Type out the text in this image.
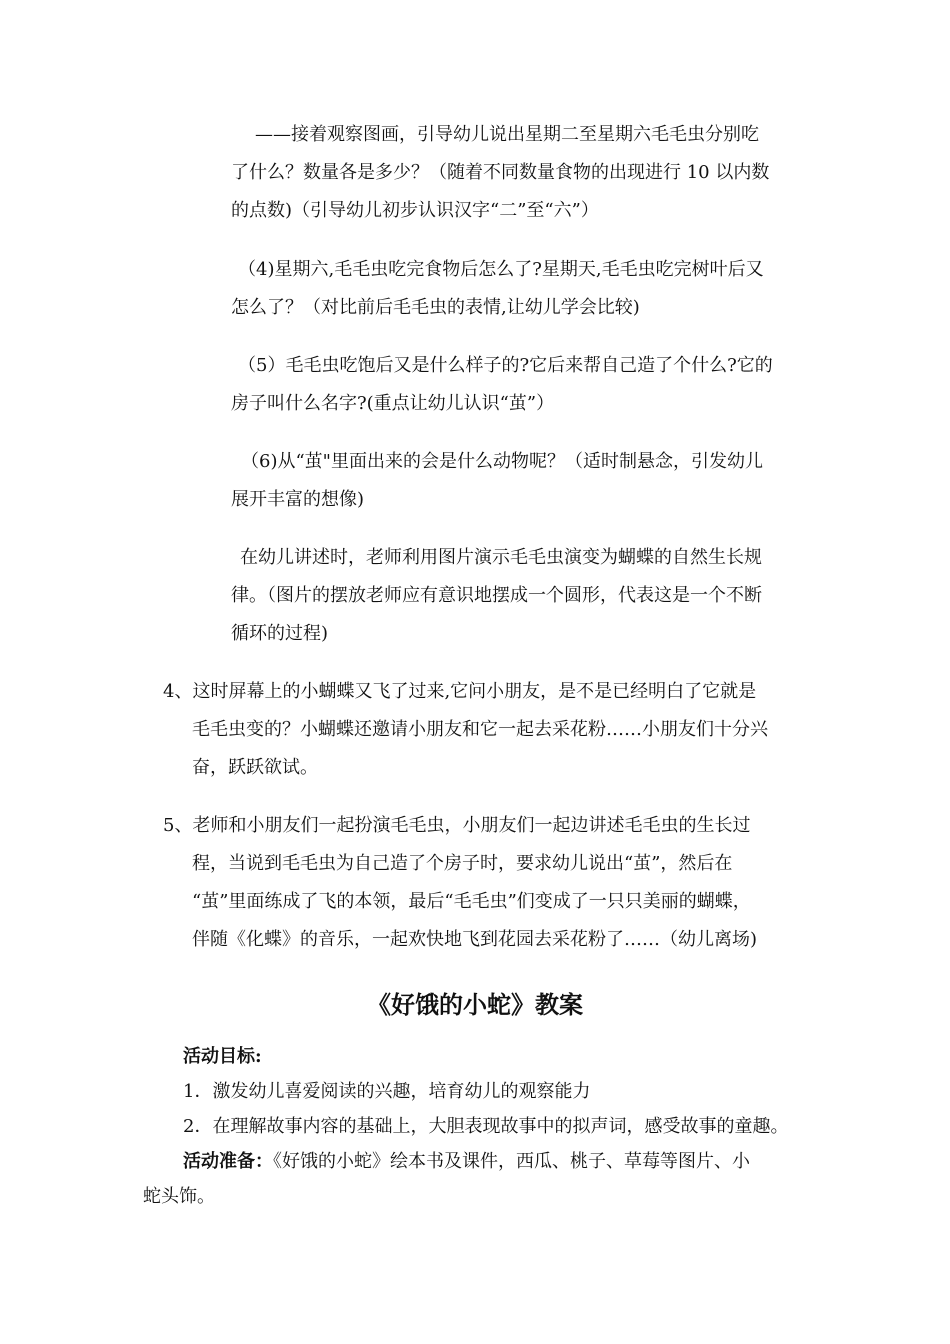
——接着观察图画，引导幼儿说出星期二至星期六毛毛虫分别吃
了什么？数量各是多少？（随着不同数量食物的出现进行 10 以内数
的点数)（引导幼儿初步认识汉字“二”至“六”）
（4)星期六,毛毛虫吃完食物后怎么了?星期天,毛毛虫吃完树叶后又
怎么了？（对比前后毛毛虫的表情,让幼儿学会比较)
（5）毛毛虫吃饱后又是什么样子的?它后来帮自己造了个什么?它的
房子叫什么名字?(重点让幼儿认识“茧”）
（6)从“茧"里面出来的会是什么动物呢？（适时制悬念，引发幼儿
展开丰富的想像)
在幼儿讲述时，老师利用图片演示毛毛虫演变为蝴蝶的自然生长规
律。（图片的摆放老师应有意识地摆成一个圆形，代表这是一个不断
循环的过程)
4、这时屏幕上的小蝴蝶又飞了过来,它问小朋友，是不是已经明白了它就是
毛毛虫变的？小蝴蝶还邀请小朋友和它一起去采花粉……小朋友们十分兴
奋，跃跃欲试。
5、老师和小朋友们一起扮演毛毛虫，小朋友们一起边讲述毛毛虫的生长过
程，当说到毛毛虫为自己造了个房子时，要求幼儿说出“茧”，然后在
“茧”里面练成了飞的本领，最后“毛毛虫”们变成了一只只美丽的蝴蝶，
伴随《化蝶》的音乐，一起欢快地飞到花园去采花粉了……（幼儿离场)
《好饿的小蛇》教案
活动目标:
1．激发幼儿喜爱阅读的兴趣，培育幼儿的观察能力
2．在理解故事内容的基础上，大胆表现故事中的拟声词，感受故事的童趣。
活动准备：《好饿的小蛇》绘本书及课件，西瓜、桃子、草莓等图片、小
蛇头饰。
